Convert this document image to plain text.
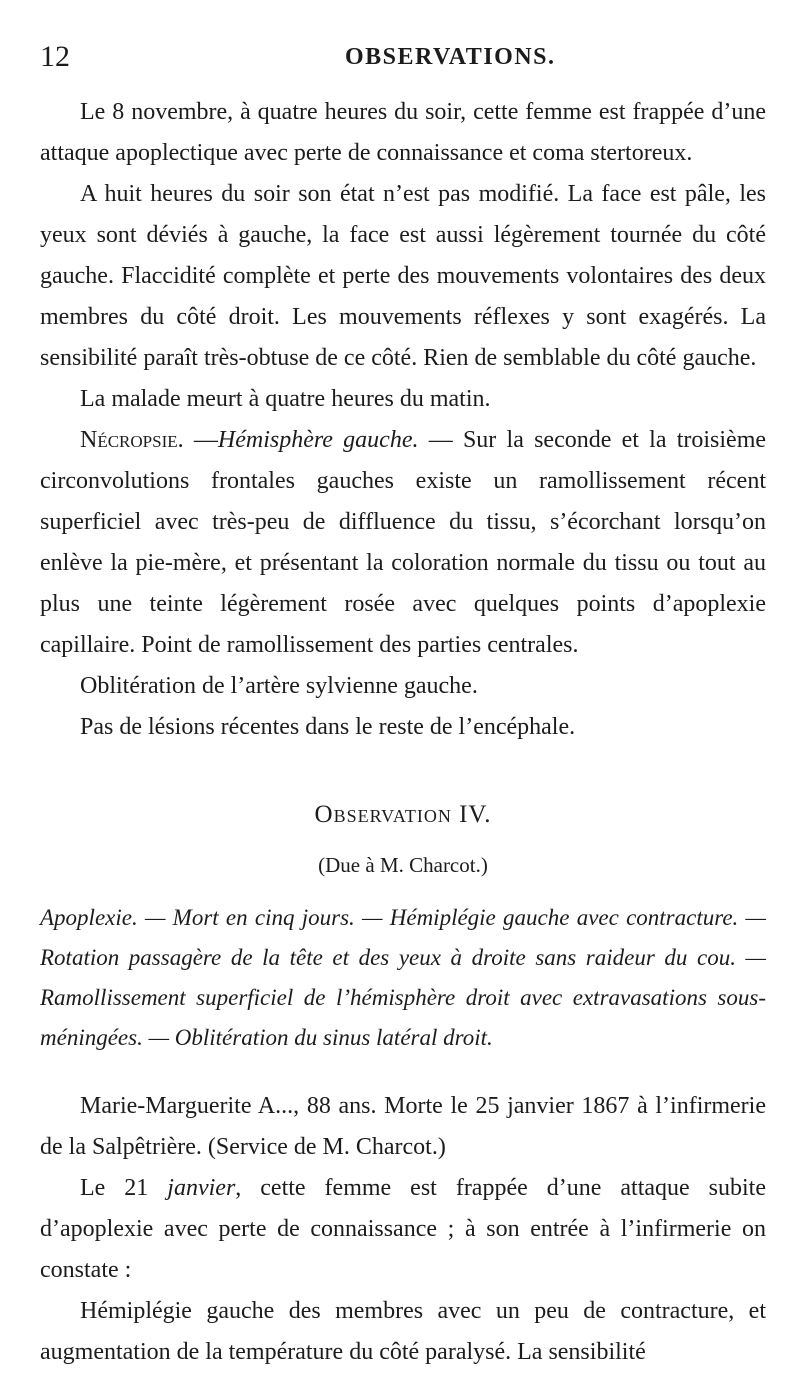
12	OBSERVATIONS.

Le 8 novembre, à quatre heures du soir, cette femme est frappée d’une attaque apoplectique avec perte de connaissance et coma stertoreux.

A huit heures du soir son état n’est pas modifié. La face est pâle, les yeux sont déviés à gauche, la face est aussi légèrement tournée du côté gauche. Flaccidité complète et perte des mouvements volontaires des deux membres du côté droit. Les mouvements réflexes y sont exagérés. La sensibilité paraît très-obtuse de ce côté. Rien de semblable du côté gauche.

La malade meurt à quatre heures du matin.

Nécropsie. —Hémisphère gauche. — Sur la seconde et la troisième circonvolutions frontales gauches existe un ramollissement récent superficiel avec très-peu de diffluence du tissu, s’écorchant lorsqu’on enlève la pie-mère, et présentant la coloration normale du tissu ou tout au plus une teinte légèrement rosée avec quelques points d’apoplexie capillaire. Point de ramollissement des parties centrales.

Oblitération de l’artère sylvienne gauche.

Pas de lésions récentes dans le reste de l’encéphale.

Observation IV.

(Due à M. Charcot.)

Apoplexie. — Mort en cinq jours. — Hémiplégie gauche avec contracture. — Rotation passagère de la tête et des yeux à droite sans raideur du cou. — Ramollissement superficiel de l’hémisphère droit avec extravasations sous-méningées. — Oblitération du sinus latéral droit.

Marie-Marguerite A..., 88 ans. Morte le 25 janvier 1867 à l’infirmerie de la Salpêtrière. (Service de M. Charcot.)

Le 21 janvier, cette femme est frappée d’une attaque subite d’apoplexie avec perte de connaissance ; à son entrée à l’infirmerie on constate :

Hémiplégie gauche des membres avec un peu de contracture, et augmentation de la température du côté paralysé. La sensibilité
